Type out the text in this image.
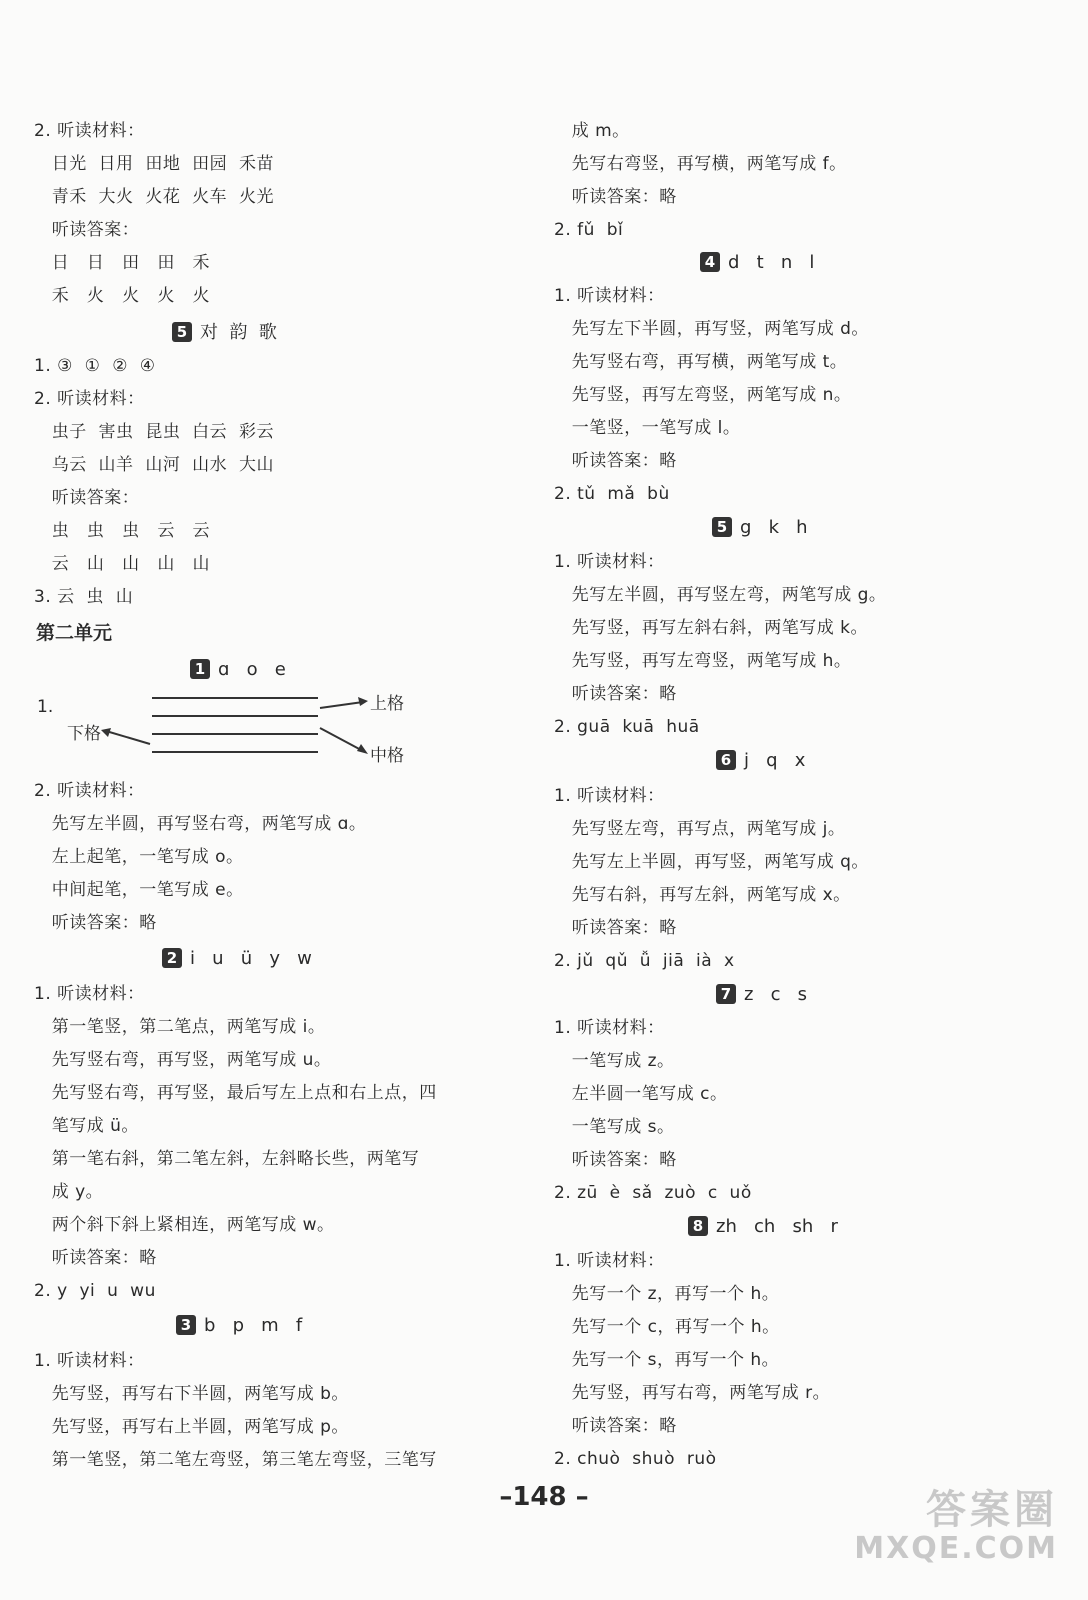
2. 听读材料：
日光  日用  田地  田园  禾苗
青禾  大火  火花  火车  火光
听读答案：
日   日   田   田   禾
禾   火   火   火   火
1. ③  ①  ②  ④
2. 听读材料：
虫子  害虫  昆虫  白云  彩云
乌云  山羊  山河  山水  大山
听读答案：
虫   虫   虫   云   云
云   山   山   山   山
3. 云  虫  山
2. 听读材料：
先写左半圆，再写竖右弯，两笔写成 ɑ。
左上起笔，一笔写成 o。
中间起笔，一笔写成 e。
听读答案：略
1. 听读材料：
第一笔竖，第二笔点，两笔写成 i。
先写竖右弯，再写竖，两笔写成 u。
先写竖右弯，再写竖，最后写左上点和右上点，四
笔写成 ü。
第一笔右斜，第二笔左斜，左斜略长些，两笔写
成 y。
两个斜下斜上紧相连，两笔写成 w。
听读答案：略
2. y  yi  u  wu
1. 听读材料：
先写竖，再写右下半圆，两笔写成 b。
先写竖，再写右上半圆，两笔写成 p。
第一笔竖，第二笔左弯竖，第三笔左弯竖，三笔写
5 对  韵  歌
1 ɑ   o   e
2 i   u   ü   y   w
3 b   p   m   f
第二单元
成 m。
先写右弯竖，再写横，两笔写成 f。
听读答案：略
2. fǔ  bǐ
1. 听读材料：
先写左下半圆，再写竖，两笔写成 d。
先写竖右弯，再写横，两笔写成 t。
先写竖，再写左弯竖，两笔写成 n。
一笔竖，一笔写成 l。
听读答案：略
2. tǔ  mǎ  bù
1. 听读材料：
先写左半圆，再写竖左弯，两笔写成 g。
先写竖，再写左斜右斜，两笔写成 k。
先写竖，再写左弯竖，两笔写成 h。
听读答案：略
2. guā  kuā  huā
1. 听读材料：
先写竖左弯，再写点，两笔写成 j。
先写左上半圆，再写竖，两笔写成 q。
先写右斜，再写左斜，两笔写成 x。
听读答案：略
2. jǔ  qǔ  ǚ  jiā  ià  x
1. 听读材料：
一笔写成 z。
左半圆一笔写成 c。
一笔写成 s。
听读答案：略
2. zū  è  sǎ  zuò  c  uǒ
1. 听读材料：
先写一个 z，再写一个 h。
先写一个 c，再写一个 h。
先写一个 s，再写一个 h。
先写竖，再写右弯，两笔写成 r。
听读答案：略
2. chuò  shuò  ruò
4 d   t   n   l
5 g   k   h
6 j   q   x
7 z   c   s
8 zh   ch   sh   r
1.	上格
中格
下格
–148 –	答案圈
MXQE.COM
